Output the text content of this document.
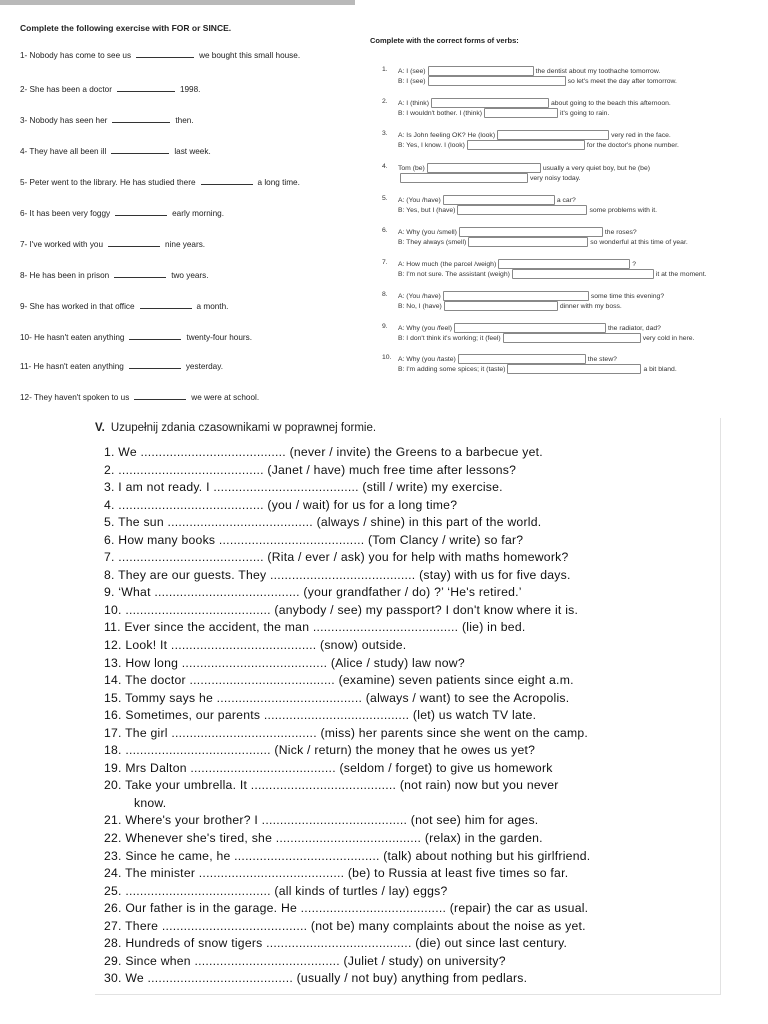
Complete the following exercise with FOR or SINCE.
1- Nobody has come to see us	we bought this small house.
2- She has been a doctor	1998.
3- Nobody has seen her	then.
4- They have all been ill	last week.
5- Peter went to the library. He has studied there	a long time.
6- It has been very foggy	early morning.
7- I've worked with you	nine years.
8- He has been in prison	two years.
9- She has worked in that office	a month.
10- He hasn't eaten anything	twenty-four hours.
11- He hasn't eaten anything	yesterday.
12- They haven't spoken to us	we were at school.
Complete with the correct forms of verbs:
1.	A: I (see)	the dentist about my toothache tomorrow.
B: I (see)	so let's meet the day after tomorrow.
2.	A: I (think)	about going to the beach this afternoon.
B: I wouldn't bother. I (think)	it's going to rain.
3.	A: Is John feeling OK? He (look)	very red in the face.
B: Yes, I know. I (look)	for the doctor's phone number.
4.	Tom (be)	usually a very quiet boy, but he (be)
very noisy today.
5.	A: (You /have)	a car?
B: Yes, but I (have)	some problems with it.
6.	A: Why (you /smell)	the roses?
B: They always (smell)	so wonderful at this time of year.
7.	A: How much (the parcel /weigh)	?
B: I'm not sure. The assistant (weigh)	it at the moment.
8.	A: (You /have)	some time this evening?
B: No, I (have)	dinner with my boss.
9.	A: Why (you /feel)	the radiator, dad?
B: I don't think it's working; it (feel)	very cold in here.
10. A: Why (you /taste)	the stew?
B: I'm adding some spices; it (taste)	a bit bland.
V. Uzupełnij zdania czasownikami w poprawnej formie.
1. We ........................................ (never / invite) the Greens to a barbecue yet.
2. ........................................ (Janet / have) much free time after lessons?
3. I am not ready. I ........................................ (still / write) my exercise.
4. ........................................ (you / wait) for us for a long time?
5. The sun ........................................ (always / shine) in this part of the world.
6. How many books ........................................ (Tom Clancy / write) so far?
7. ........................................ (Rita / ever / ask) you for help with maths homework?
8. They are our guests. They ........................................ (stay) with us for five days.
9. ‘What ........................................ (your grandfather / do) ?’ ‘He's retired.’
10. ........................................ (anybody / see) my passport? I don't know where it is.
11. Ever since the accident, the man ........................................ (lie) in bed.
12. Look! It ........................................ (snow) outside.
13. How long ........................................ (Alice / study) law now?
14. The doctor ........................................ (examine) seven patients since eight a.m.
15. Tommy says he ........................................ (always / want) to see the Acropolis.
16. Sometimes, our parents ........................................ (let) us watch TV late.
17. The girl ........................................ (miss) her parents since she went on the camp.
18. ........................................ (Nick / return) the money that he owes us yet?
19. Mrs Dalton ........................................ (seldom / forget) to give us homework
20. Take your umbrella. It ........................................ (not rain) now but you never
know.
21. Where's your brother? I ........................................ (not see) him for ages.
22. Whenever she's tired, she ........................................ (relax) in the garden.
23. Since he came, he ........................................ (talk) about nothing but his girlfriend.
24. The minister ........................................ (be) to Russia at least five times so far.
25. ........................................ (all kinds of turtles / lay) eggs?
26. Our father is in the garage. He ........................................ (repair) the car as usual.
27. There ........................................ (not be) many complaints about the noise as yet.
28. Hundreds of snow tigers ........................................ (die) out since last century.
29. Since when ........................................ (Juliet / study) on university?
30. We ........................................ (usually / not buy) anything from pedlars.
